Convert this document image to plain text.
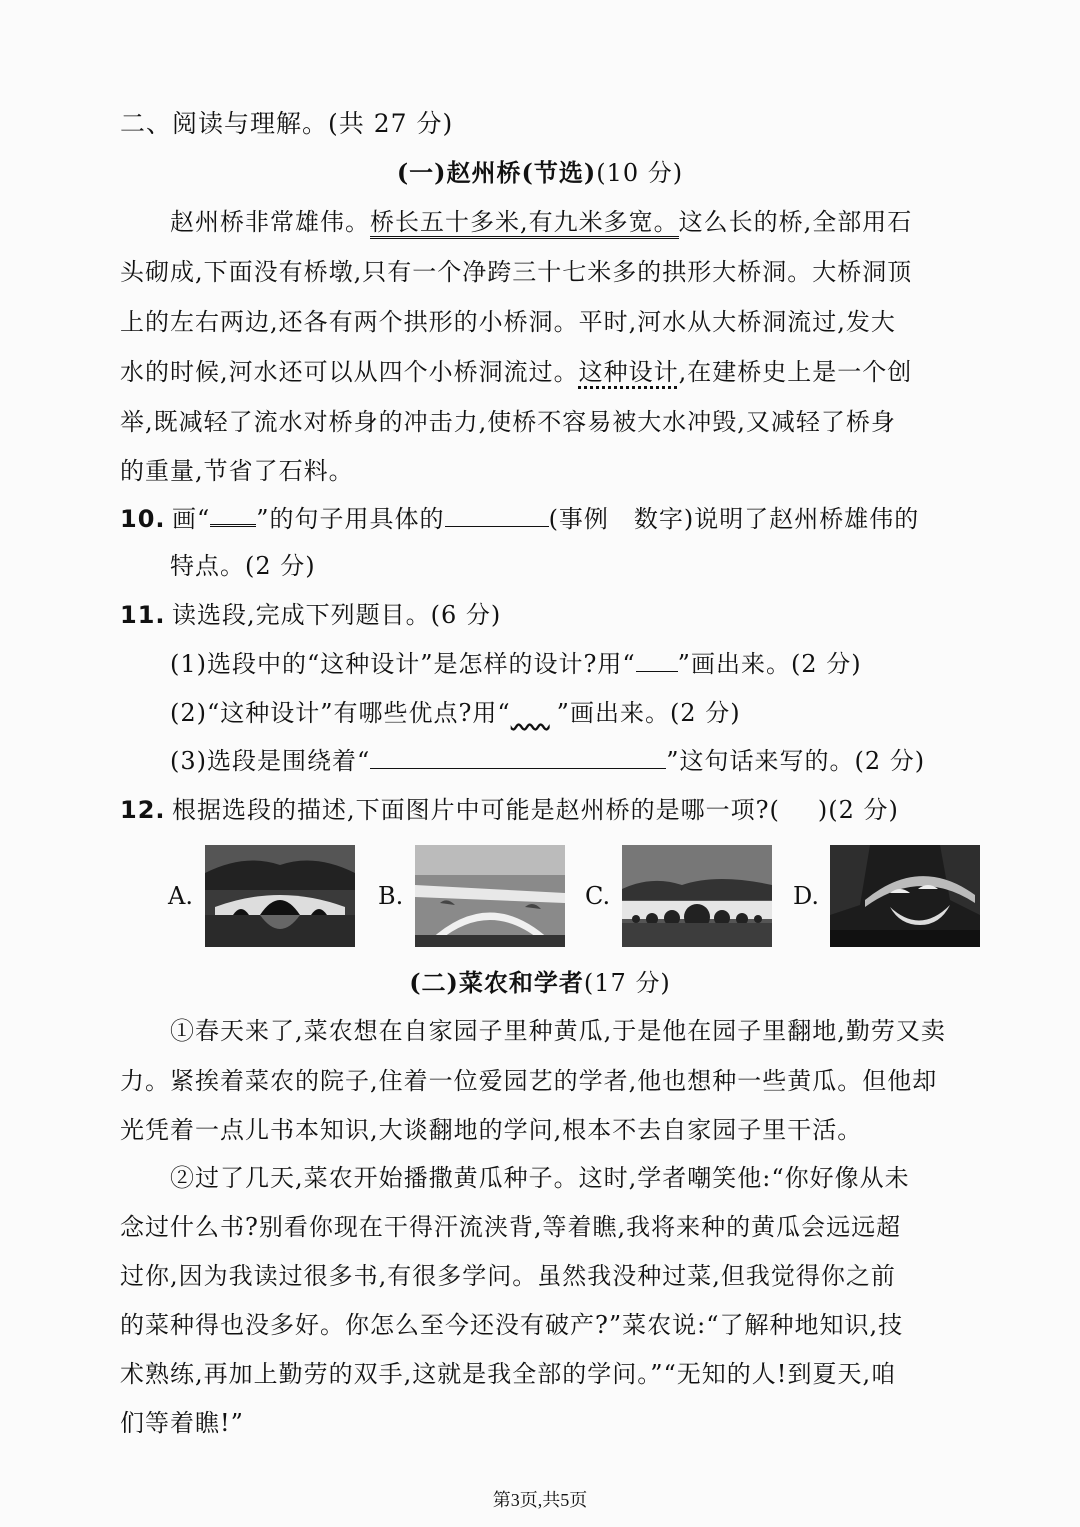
二、阅读与理解。(共 27 分)
(一)赵州桥(节选)(10 分)
赵州桥非常雄伟。桥长五十多米,有九米多宽。这么长的桥,全部用石
头砌成,下面没有桥墩,只有一个净跨三十七米多的拱形大桥洞。大桥洞顶
上的左右两边,还各有两个拱形的小桥洞。平时,河水从大桥洞流过,发大
水的时候,河水还可以从四个小桥洞流过。这种设计,在建桥史上是一个创
举,既减轻了流水对桥身的冲击力,使桥不容易被大水冲毁,又减轻了桥身
的重量,节省了石料。
10. 画“ ”的句子用具体的	(事例　数字)说明了赵州桥雄伟的
特点。(2 分)
11. 读选段,完成下列题目。(6 分)
(1)选段中的“这种设计”是怎样的设计?用“ ”画出来。(2 分)
(2)“这种设计”有哪些优点?用“    ”画出来。(2 分)
(3)选段是围绕着“	”这句话来写的。(2 分)
12. 根据选段的描述,下面图片中可能是赵州桥的是哪一项?( )(2 分)
A.	B.	C.	D.
(二)菜农和学者(17 分)
①春天来了,菜农想在自家园子里种黄瓜,于是他在园子里翻地,勤劳又卖
力。紧挨着菜农的院子,住着一位爱园艺的学者,他也想种一些黄瓜。但他却
光凭着一点儿书本知识,大谈翻地的学问,根本不去自家园子里干活。
②过了几天,菜农开始播撒黄瓜种子。这时,学者嘲笑他:“你好像从未
念过什么书?别看你现在干得汗流浃背,等着瞧,我将来种的黄瓜会远远超
过你,因为我读过很多书,有很多学问。虽然我没种过菜,但我觉得你之前
的菜种得也没多好。你怎么至今还没有破产?”菜农说:“了解种地知识,技
术熟练,再加上勤劳的双手,这就是我全部的学问。”“无知的人!到夏天,咱
们等着瞧!”
第3页,共5页
